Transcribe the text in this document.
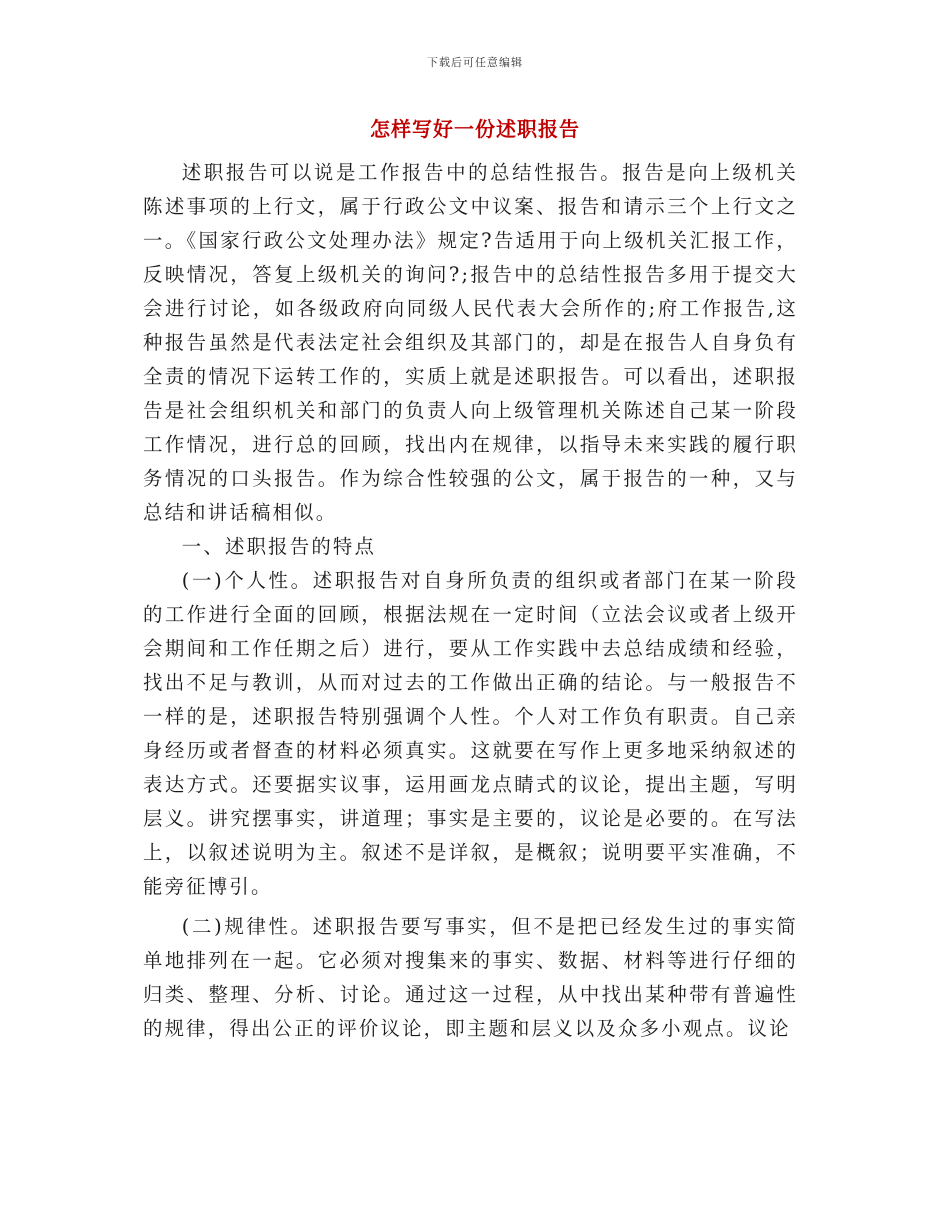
下载后可任意编辑
怎样写好一份述职报告

述职报告可以说是工作报告中的总结性报告。报告是向上级机关陈述事项的上行文，属于行政公文中议案、报告和请示三个上行文之一。《国家行政公文处理办法》规定?告适用于向上级机关汇报工作，反映情况，答复上级机关的询问?;报告中的总结性报告多用于提交大会进行讨论，如各级政府向同级人民代表大会所作的;府工作报告,这种报告虽然是代表法定社会组织及其部门的，却是在报告人自身负有全责的情况下运转工作的，实质上就是述职报告。可以看出，述职报告是社会组织机关和部门的负责人向上级管理机关陈述自己某一阶段工作情况，进行总的回顾，找出内在规律，以指导未来实践的履行职务情况的口头报告。作为综合性较强的公文，属于报告的一种，又与总结和讲话稿相似。

一、述职报告的特点

(一)个人性。述职报告对自身所负责的组织或者部门在某一阶段的工作进行全面的回顾，根据法规在一定时间（立法会议或者上级开会期间和工作任期之后）进行，要从工作实践中去总结成绩和经验，找出不足与教训，从而对过去的工作做出正确的结论。与一般报告不一样的是，述职报告特别强调个人性。个人对工作负有职责。自己亲身经历或者督查的材料必须真实。这就要在写作上更多地采纳叙述的表达方式。还要据实议事，运用画龙点睛式的议论，提出主题，写明层义。讲究摆事实，讲道理；事实是主要的，议论是必要的。在写法上，以叙述说明为主。叙述不是详叙，是概叙；说明要平实准确，不能旁征博引。

(二)规律性。述职报告要写事实，但不是把已经发生过的事实简单地排列在一起。它必须对搜集来的事实、数据、材料等进行仔细的归类、整理、分析、讨论。通过这一过程，从中找出某种带有普遍性的规律，得出公正的评价议论，即主题和层义以及众多小观点。议论
